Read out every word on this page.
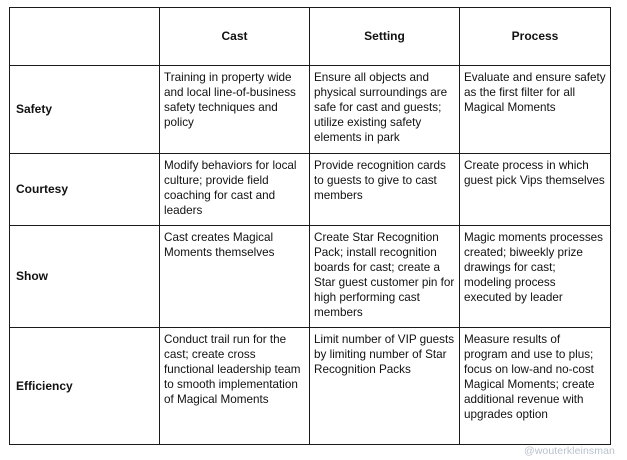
	Cast	Setting	Process
Safety	Training in property wide and local line-of-business safety techniques and policy	Ensure all objects and physical surroundings are safe for cast and guests; utilize existing safety elements in park	Evaluate and ensure safety as the first filter for all Magical Moments
Courtesy	Modify behaviors for local culture; provide field coaching for cast and leaders	Provide recognition cards to guests to give to cast members	Create process in which guest pick Vips themselves
Show	Cast creates Magical Moments themselves	Create Star Recognition Pack; install recognition boards for cast; create a Star guest customer pin for high performing cast members	Magic moments processes created; biweekly prize drawings for cast; modeling process executed by leader
Efficiency	Conduct trail run for the cast; create cross functional leadership team to smooth implementation of Magical Moments	Limit number of VIP guests by limiting number of Star Recognition Packs	Measure results of program and use to plus; focus on low-and no-cost Magical Moments; create additional revenue with upgrades option
@wouterkleinsman
